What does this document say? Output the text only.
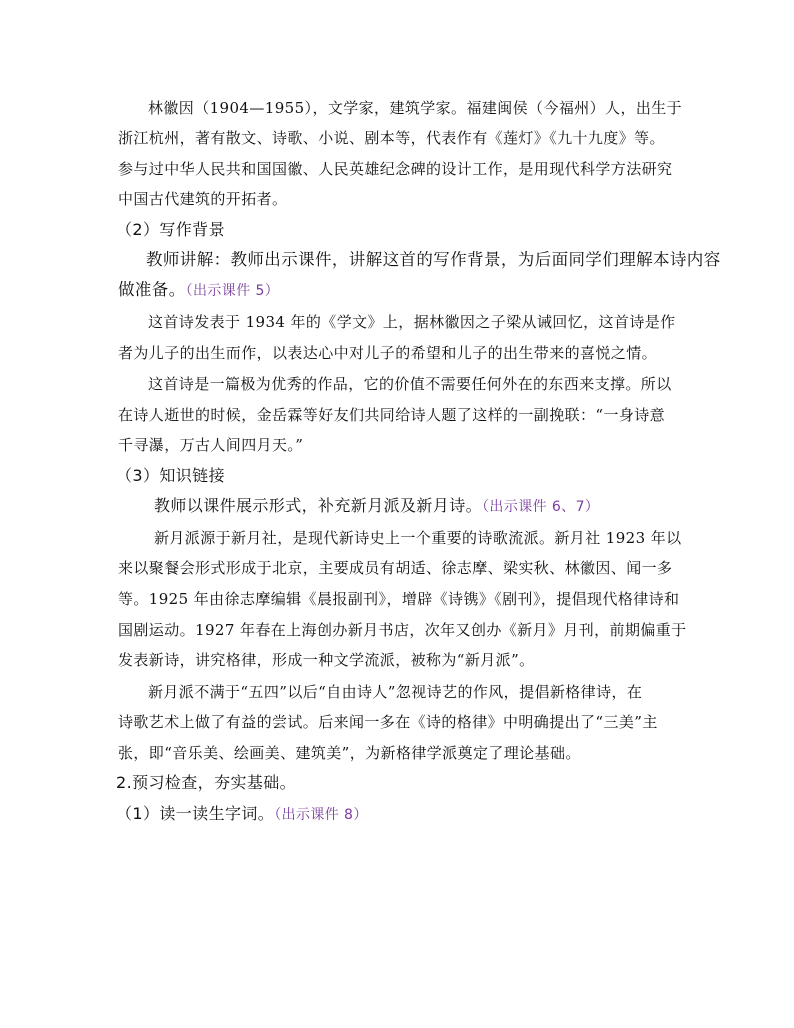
林徽因（1904—1955），文学家，建筑学家。福建闽侯（今福州）人，出生于
浙江杭州，著有散文、诗歌、小说、剧本等，代表作有《莲灯》《九十九度》等。
参与过中华人民共和国国徽、人民英雄纪念碑的设计工作，是用现代科学方法研究
中国古代建筑的开拓者。
（2）写作背景
教师讲解：教师出示课件，讲解这首的写作背景，为后面同学们理解本诗内容
做准备。（出示课件 5）
这首诗发表于 1934 年的《学文》上，据林徽因之子梁从诫回忆，这首诗是作
者为儿子的出生而作，以表达心中对儿子的希望和儿子的出生带来的喜悦之情。
这首诗是一篇极为优秀的作品，它的价值不需要任何外在的东西来支撑。所以
在诗人逝世的时候，金岳霖等好友们共同给诗人题了这样的一副挽联：“一身诗意
千寻瀑，万古人间四月天。”
（3）知识链接
教师以课件展示形式，补充新月派及新月诗。（出示课件 6、7）
新月派源于新月社，是现代新诗史上一个重要的诗歌流派。新月社 1923 年以
来以聚餐会形式形成于北京，主要成员有胡适、徐志摩、梁实秋、林徽因、闻一多
等。1925 年由徐志摩编辑《晨报副刊》，增辟《诗镌》《剧刊》，提倡现代格律诗和
国剧运动。1927 年春在上海创办新月书店，次年又创办《新月》月刊，前期偏重于
发表新诗，讲究格律，形成一种文学流派，被称为“新月派”。
新月派不满于“五四”以后“自由诗人”忽视诗艺的作风，提倡新格律诗，在
诗歌艺术上做了有益的尝试。后来闻一多在《诗的格律》中明确提出了“三美”主
张，即“音乐美、绘画美、建筑美”，为新格律学派奠定了理论基础。
2.预习检查，夯实基础。
（1）读一读生字词。（出示课件 8）
